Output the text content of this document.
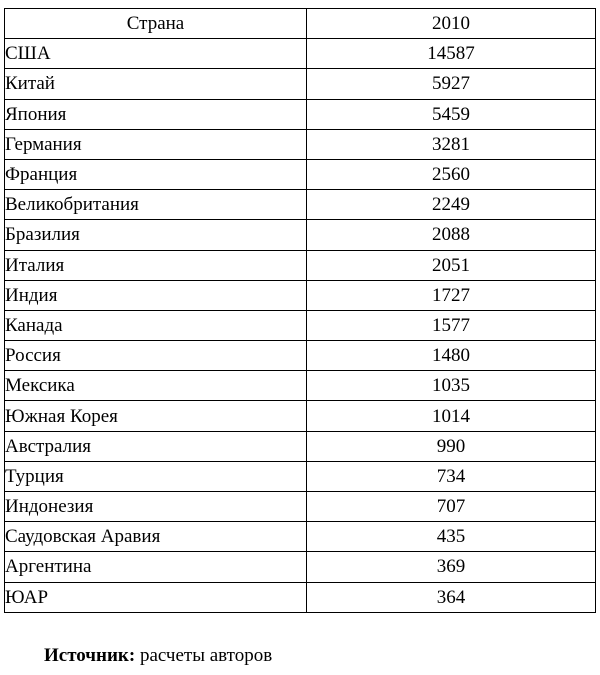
Страна	2010
США	14587
Китай	5927
Япония	5459
Германия	3281
Франция	2560
Великобритания	2249
Бразилия	2088
Италия	2051
Индия	1727
Канада	1577
Россия	1480
Мексика	1035
Южная Корея	1014
Австралия	990
Турция	734
Индонезия	707
Саудовская Аравия	435
Аргентина	369
ЮАР	364
Источник: расчеты авторов
